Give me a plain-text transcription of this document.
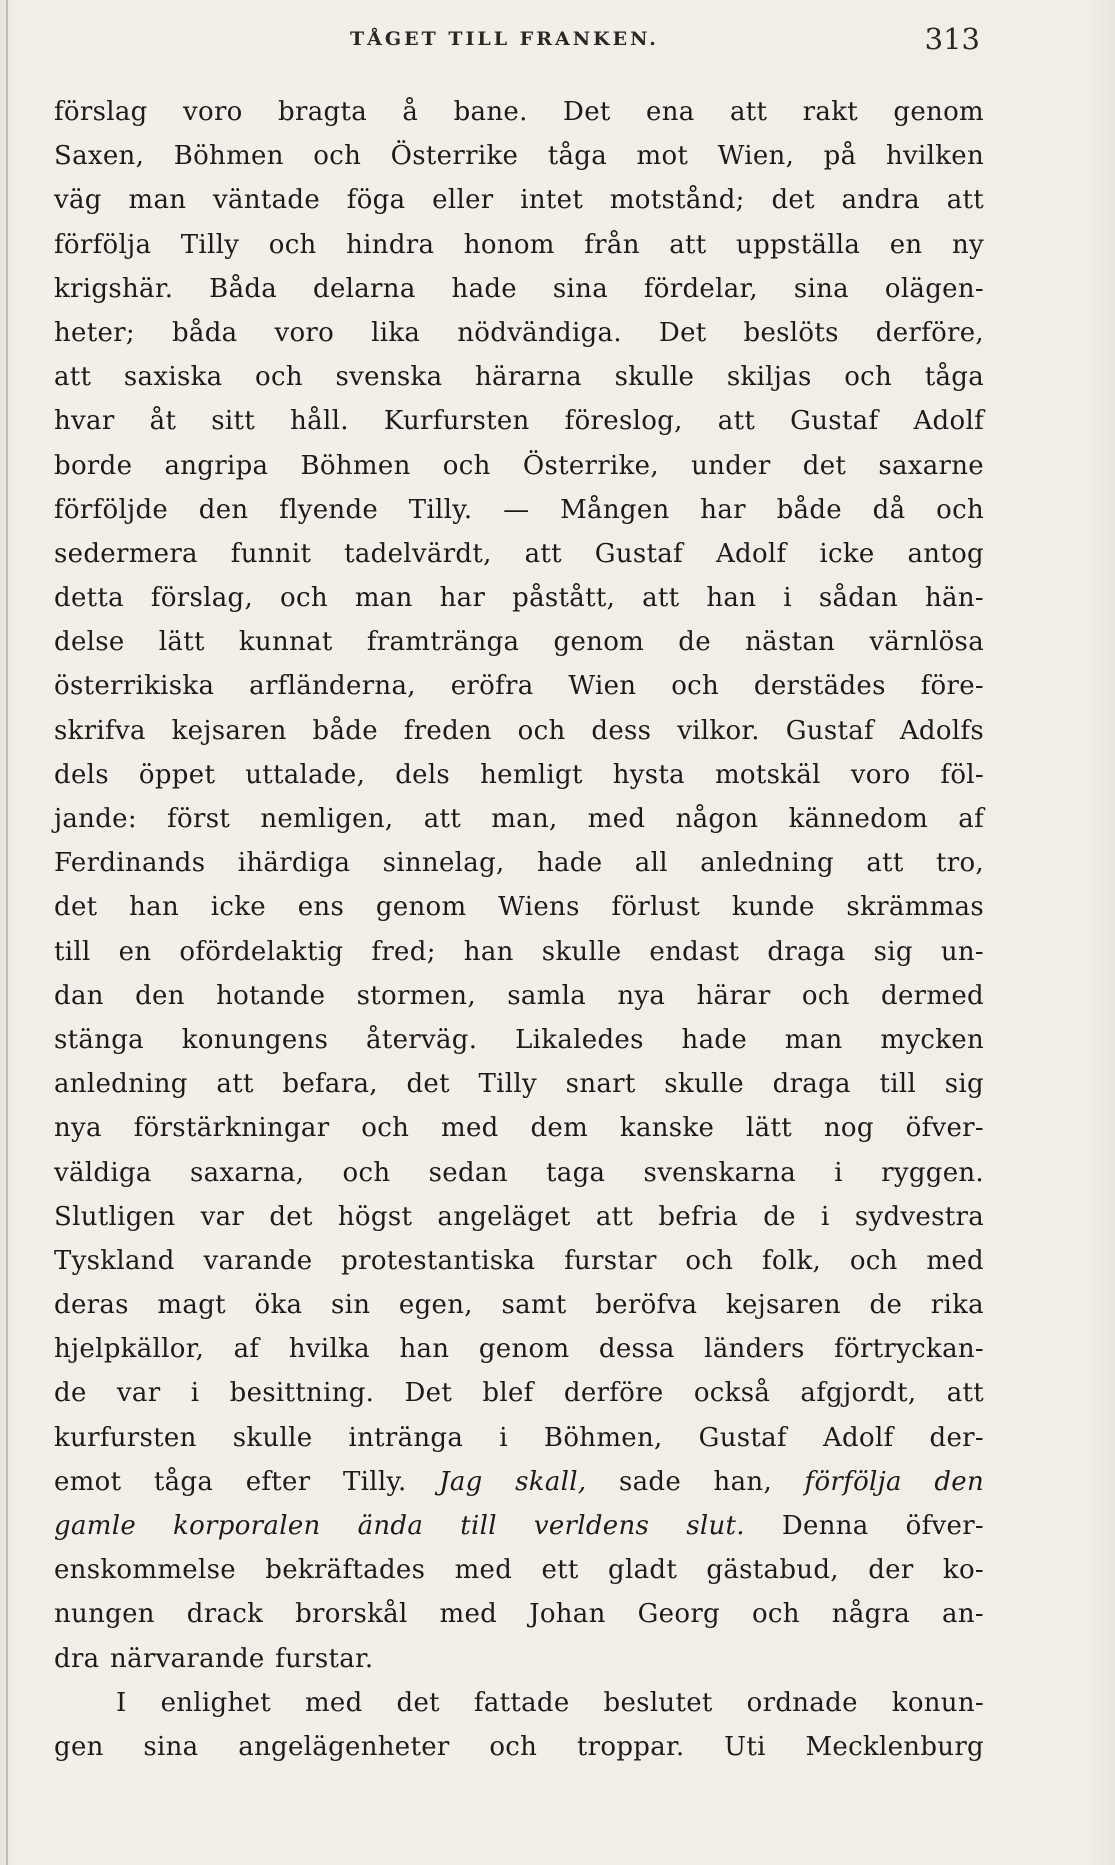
TÅGET TILL FRANKEN.	313
förslag voro bragta å bane. Det ena att rakt genom
Saxen, Böhmen och Österrike tåga mot Wien, på hvilken
väg man väntade föga eller intet motstånd; det andra att
förfölja Tilly och hindra honom från att uppställa en ny
krigshär. Båda delarna hade sina fördelar, sina olägen-
heter; båda voro lika nödvändiga. Det beslöts derföre,
att saxiska och svenska härarna skulle skiljas och tåga
hvar åt sitt håll. Kurfursten föreslog, att Gustaf Adolf
borde angripa Böhmen och Österrike, under det saxarne
förföljde den flyende Tilly. — Mången har både då och
sedermera funnit tadelvärdt, att Gustaf Adolf icke antog
detta förslag, och man har påstått, att han i sådan hän-
delse lätt kunnat framtränga genom de nästan värnlösa
österrikiska arfländerna, eröfra Wien och derstädes före-
skrifva kejsaren både freden och dess vilkor. Gustaf Adolfs
dels öppet uttalade, dels hemligt hysta motskäl voro föl-
jande: först nemligen, att man, med någon kännedom af
Ferdinands ihärdiga sinnelag, hade all anledning att tro,
det han icke ens genom Wiens förlust kunde skrämmas
till en ofördelaktig fred; han skulle endast draga sig un-
dan den hotande stormen, samla nya härar och dermed
stänga konungens återväg. Likaledes hade man mycken
anledning att befara, det Tilly snart skulle draga till sig
nya förstärkningar och med dem kanske lätt nog öfver-
väldiga saxarna, och sedan taga svenskarna i ryggen.
Slutligen var det högst angeläget att befria de i sydvestra
Tyskland varande protestantiska furstar och folk, och med
deras magt öka sin egen, samt beröfva kejsaren de rika
hjelpkällor, af hvilka han genom dessa länders förtryckan-
de var i besittning. Det blef derföre också afgjordt, att
kurfursten skulle intränga i Böhmen, Gustaf Adolf der-
emot tåga efter Tilly. Jag skall, sade han, förfölja den
gamle korporalen ända till verldens slut. Denna öfver-
enskommelse bekräftades med ett gladt gästabud, der ko-
nungen drack brorskål med Johan Georg och några an-
dra närvarande furstar.
I enlighet med det fattade beslutet ordnade konun-
gen sina angelägenheter och troppar. Uti Mecklenburg
